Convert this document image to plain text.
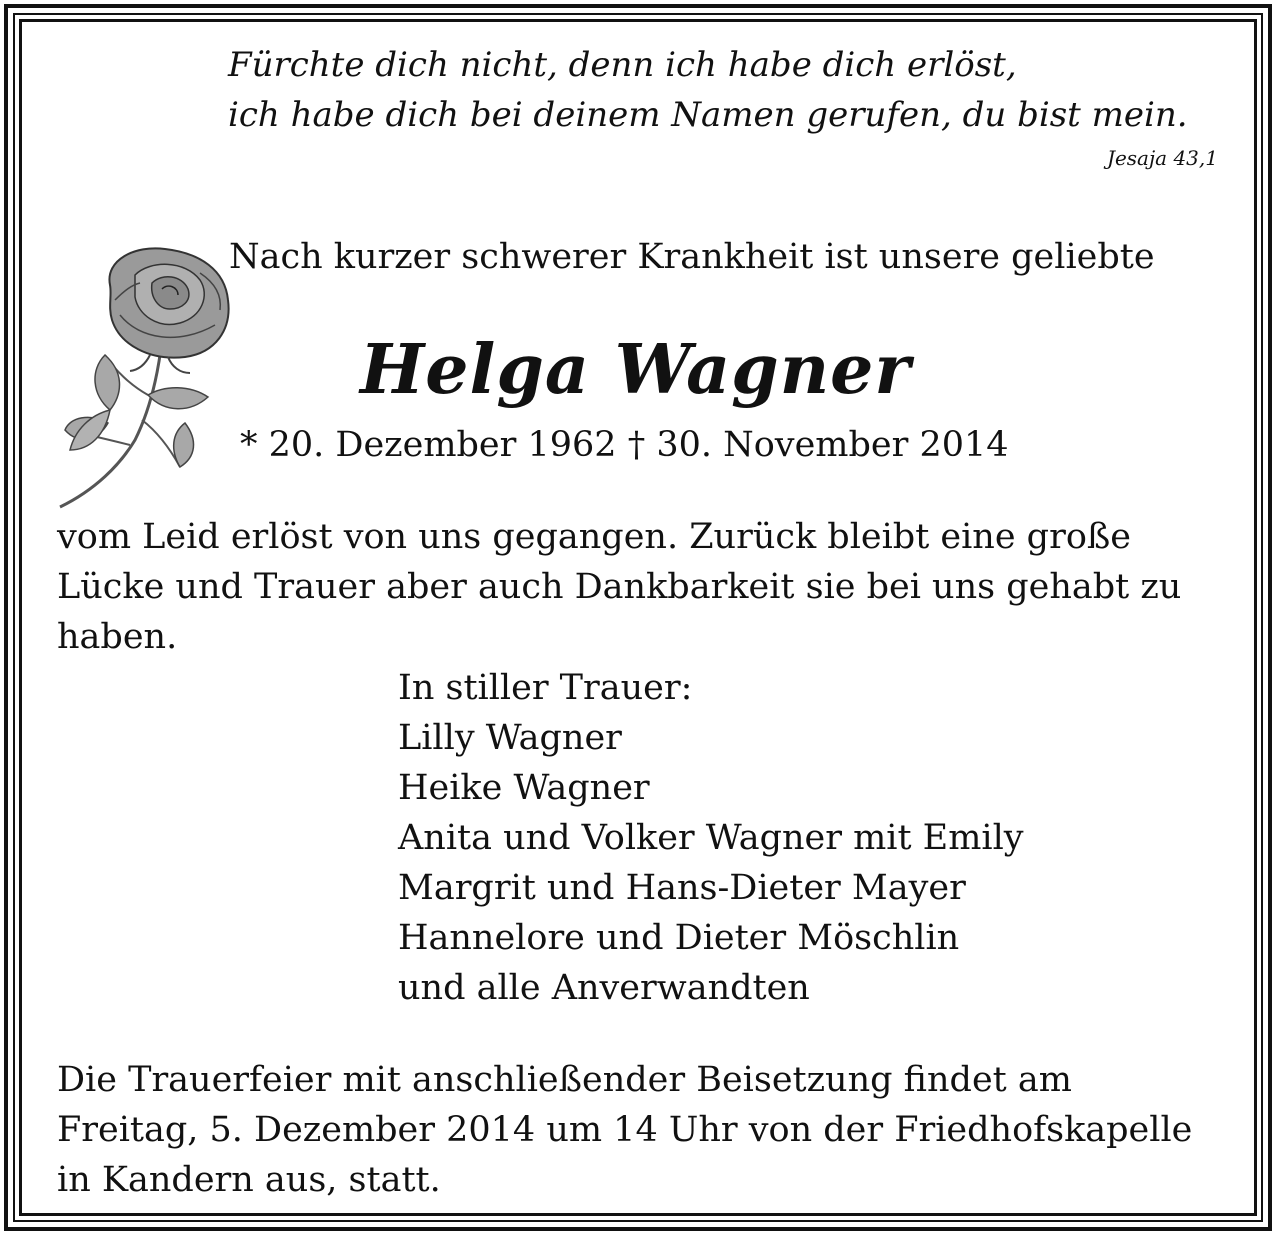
Fürchte dich nicht, denn ich habe dich erlöst,
ich habe dich bei deinem Namen gerufen, du bist mein.
Jesaja 43,1

Nach kurzer schwerer Krankheit ist unsere geliebte

Helga Wagner

* 20. Dezember 1962 † 30. November 2014

vom Leid erlöst von uns gegangen. Zurück bleibt eine große
Lücke und Trauer aber auch Dankbarkeit sie bei uns gehabt zu
haben.

In stiller Trauer:
Lilly Wagner
Heike Wagner
Anita und Volker Wagner mit Emily
Margrit und Hans-Dieter Mayer
Hannelore und Dieter Möschlin
und alle Anverwandten

Die Trauerfeier mit anschließender Beisetzung findet am
Freitag, 5. Dezember 2014 um 14 Uhr von der Friedhofskapelle
in Kandern aus, statt.
